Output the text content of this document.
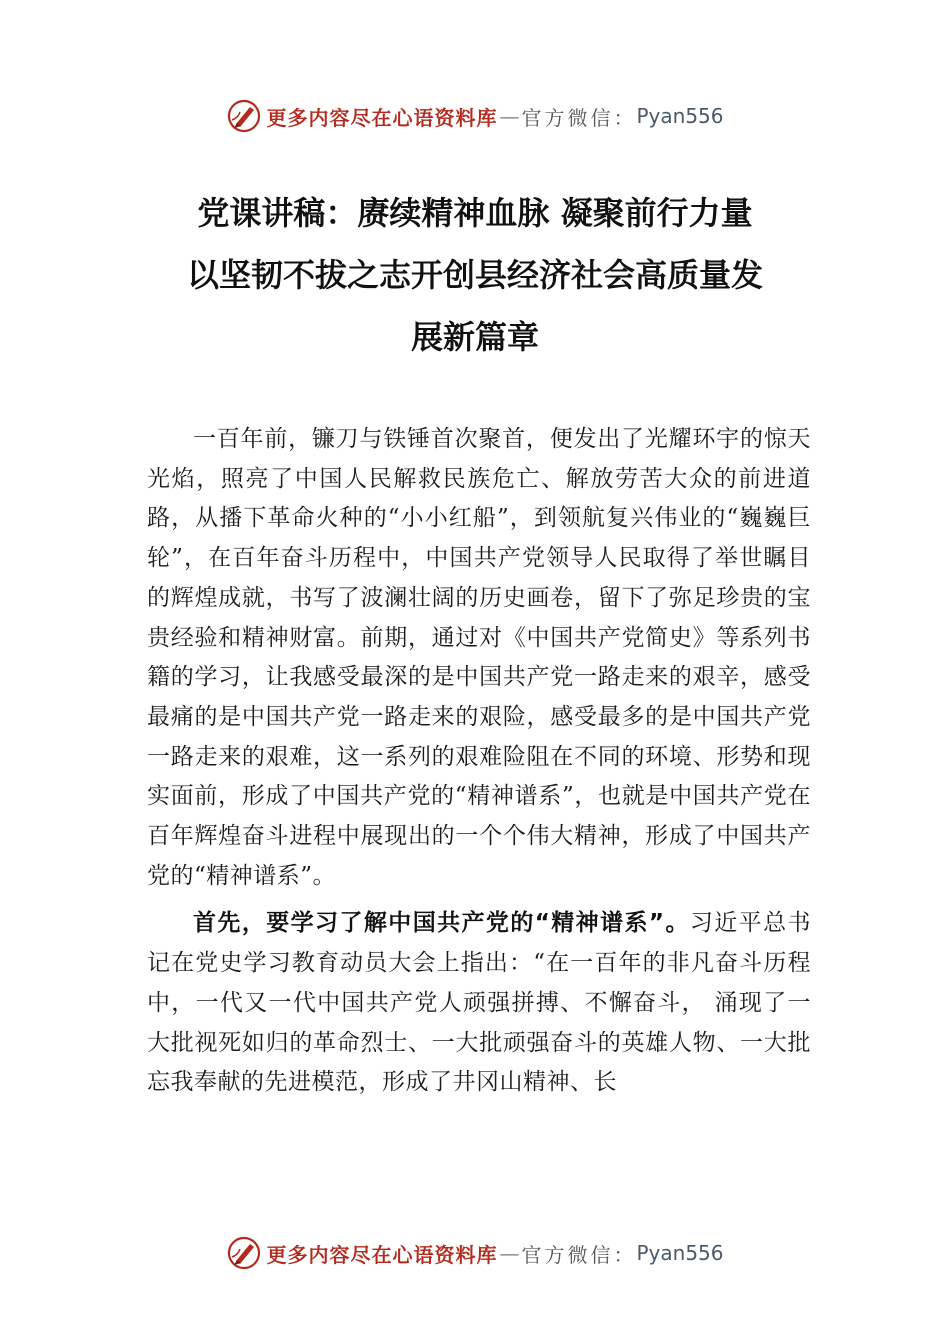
更多内容尽在心语资料库 — 官方微信： Pyan556
党课讲稿：赓续精神血脉 凝聚前行力量
以坚韧不拔之志开创县经济社会高质量发
展新篇章

一百年前，镰刀与铁锤首次聚首，便发出了光耀环宇的惊天光焰，照亮了中国人民解救民族危亡、解放劳苦大众的前进道路，从播下革命火种的“小小红船”，到领航复兴伟业的“巍巍巨轮”，在百年奋斗历程中，中国共产党领导人民取得了举世瞩目的辉煌成就，书写了波澜壮阔的历史画卷，留下了弥足珍贵的宝贵经验和精神财富。前期，通过对《中国共产党简史》等系列书籍的学习，让我感受最深的是中国共产党一路走来的艰辛，感受最痛的是中国共产党一路走来的艰险，感受最多的是中国共产党一路走来的艰难，这一系列的艰难险阻在不同的环境、形势和现实面前，形成了中国共产党的“精神谱系”，也就是中国共产党在百年辉煌奋斗进程中展现出的一个个伟大精神，形成了中国共产党的“精神谱系”。

首先，要学习了解中国共产党的“精神谱系”。习近平总书记在党史学习教育动员大会上指出：“在一百年的非凡奋斗历程中，一代又一代中国共产党人顽强拼搏、不懈奋斗， 涌现了一大批视死如归的革命烈士、一大批顽强奋斗的英雄人物、一大批忘我奉献的先进模范，形成了井冈山精神、长

更多内容尽在心语资料库 — 官方微信： Pyan556
